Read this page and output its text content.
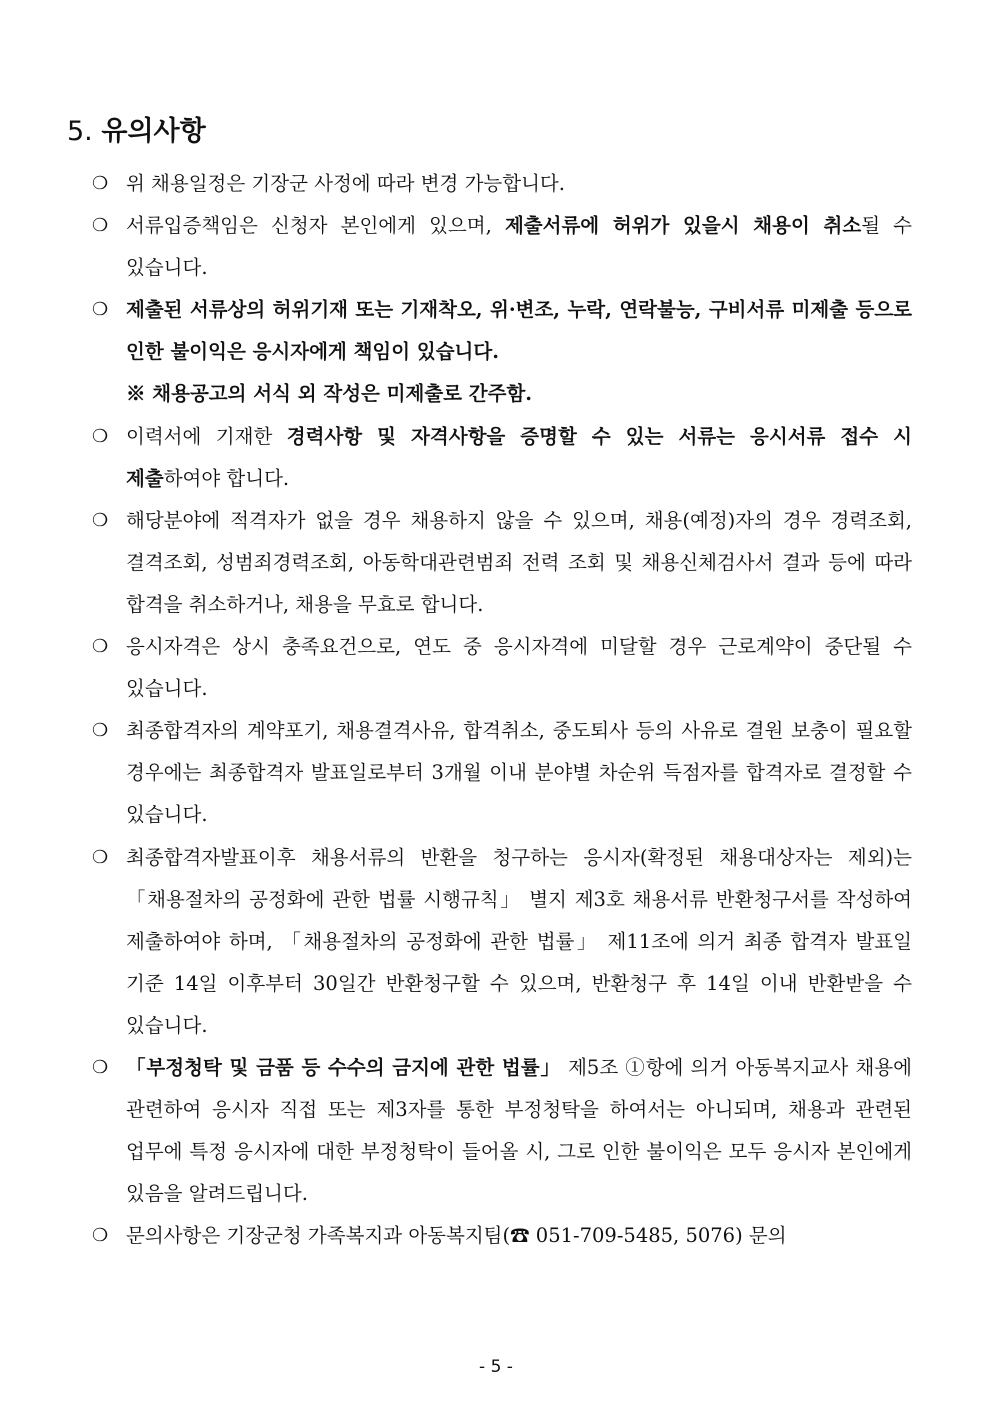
5. 유의사항
❍ 위 채용일정은 기장군 사정에 따라 변경 가능합니다.
❍ 서류입증책임은 신청자 본인에게 있으며, 제출서류에 허위가 있을시 채용이 취소될 수 있습니다.
❍ 제출된 서류상의 허위기재 또는 기재착오, 위·변조, 누락, 연락불능, 구비서류 미제출 등으로 인한 불이익은 응시자에게 책임이 있습니다.
※ 채용공고의 서식 외 작성은 미제출로 간주함.
❍ 이력서에 기재한 경력사항 및 자격사항을 증명할 수 있는 서류는 응시서류 접수 시 제출하여야 합니다.
❍ 해당분야에 적격자가 없을 경우 채용하지 않을 수 있으며, 채용(예정)자의 경우 경력조회, 결격조회, 성범죄경력조회, 아동학대관련범죄 전력 조회 및 채용신체검사서 결과 등에 따라 합격을 취소하거나, 채용을 무효로 합니다.
❍ 응시자격은 상시 충족요건으로, 연도 중 응시자격에 미달할 경우 근로계약이 중단될 수 있습니다.
❍ 최종합격자의 계약포기, 채용결격사유, 합격취소, 중도퇴사 등의 사유로 결원 보충이 필요할 경우에는 최종합격자 발표일로부터 3개월 이내 분야별 차순위 득점자를 합격자로 결정할 수 있습니다.
❍ 최종합격자발표이후 채용서류의 반환을 청구하는 응시자(확정된 채용대상자는 제외)는 「채용절차의 공정화에 관한 법률 시행규칙」 별지 제3호 채용서류 반환청구서를 작성하여 제출하여야 하며, 「채용절차의 공정화에 관한 법률」 제11조에 의거 최종 합격자 발표일 기준 14일 이후부터 30일간 반환청구할 수 있으며, 반환청구 후 14일 이내 반환받을 수 있습니다.
❍ 「부정청탁 및 금품 등 수수의 금지에 관한 법률」 제5조 ①항에 의거 아동복지교사 채용에 관련하여 응시자 직접 또는 제3자를 통한 부정청탁을 하여서는 아니되며, 채용과 관련된 업무에 특정 응시자에 대한 부정청탁이 들어올 시, 그로 인한 불이익은 모두 응시자 본인에게 있음을 알려드립니다.
❍ 문의사항은 기장군청 가족복지과 아동복지팀(☎ 051-709-5485, 5076) 문의
- 5 -
